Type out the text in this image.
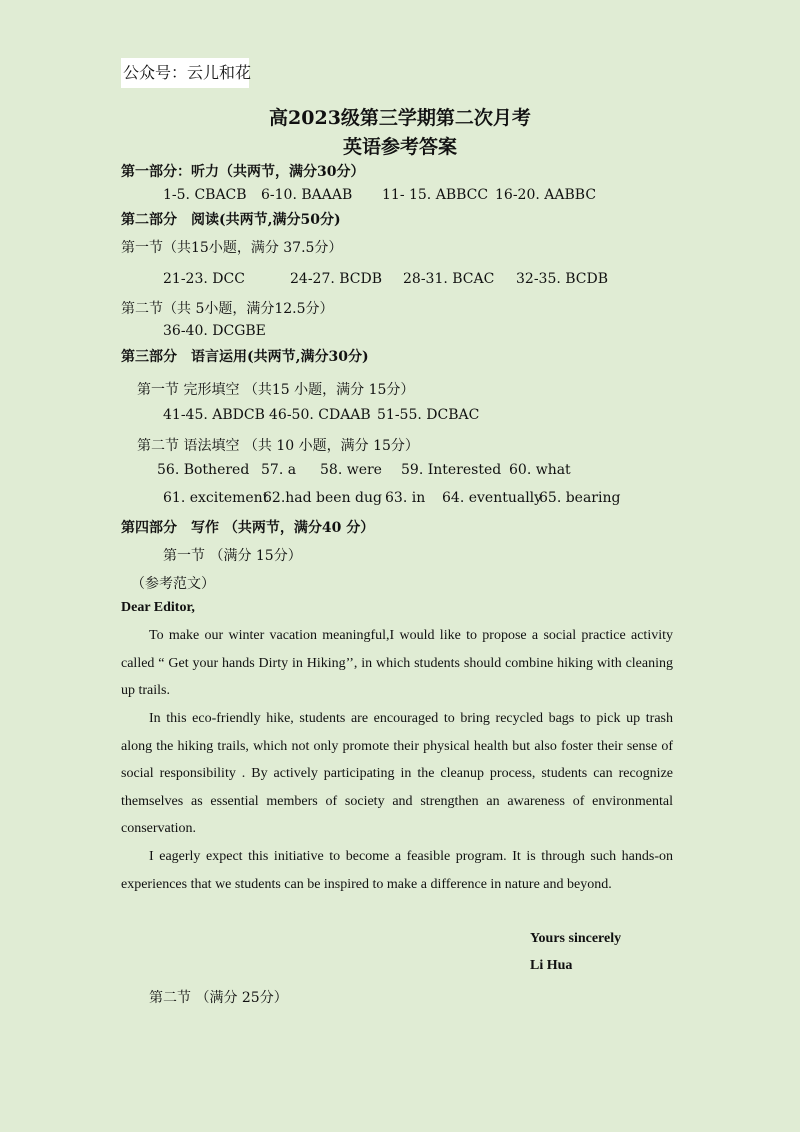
公众号：云儿和花
高2023级第三学期第二次月考
英语参考答案
第一部分：听力（共两节，满分30分）
1-5. CBACB 6-10. BAAAB 11- 15. ABBCC 16-20. AABBC
第二部分　阅读(共两节,满分50分)
第一节（共15小题，满分 37.5分）
21-23. DCC	24-27. BCDB 28-31. BCAC 32-35. BCDB
第二节（共 5小题，满分12.5分）
36-40. DCGBE
第三部分　语言运用(共两节,满分30分)
第一节 完形填空 （共15 小题，满分 15分）
41-45. ABDCB 46-50. CDAAB 51-55. DCBAC
第二节 语法填空 （共 10 小题，满分 15分）
56. Bothered 57. a 58. were 59. Interested 60. what
61. excitement
62.had been dug 63. in 64. eventually
65. bearing
第四部分　写作 （共两节，满分40 分）
第一节 （满分 15分）
（参考范文）
Dear Editor,

To make our winter vacation meaningful,I would like to propose a social practice activity called “ Get your hands Dirty in Hiking’’, in which students should combine hiking with cleaning up trails.

In this eco-friendly hike, students are encouraged to bring recycled bags to pick up trash along the hiking trails, which not only promote their physical health but also foster their sense of social responsibility . By actively participating in the cleanup process, students can recognize themselves as essential members of society and strengthen an awareness of environmental conservation.

I eagerly expect this initiative to become a feasible program. It is through such hands-on experiences that we students can be inspired to make a difference in nature and beyond.

Yours sincerely
Li Hua
第二节 （满分 25分）
